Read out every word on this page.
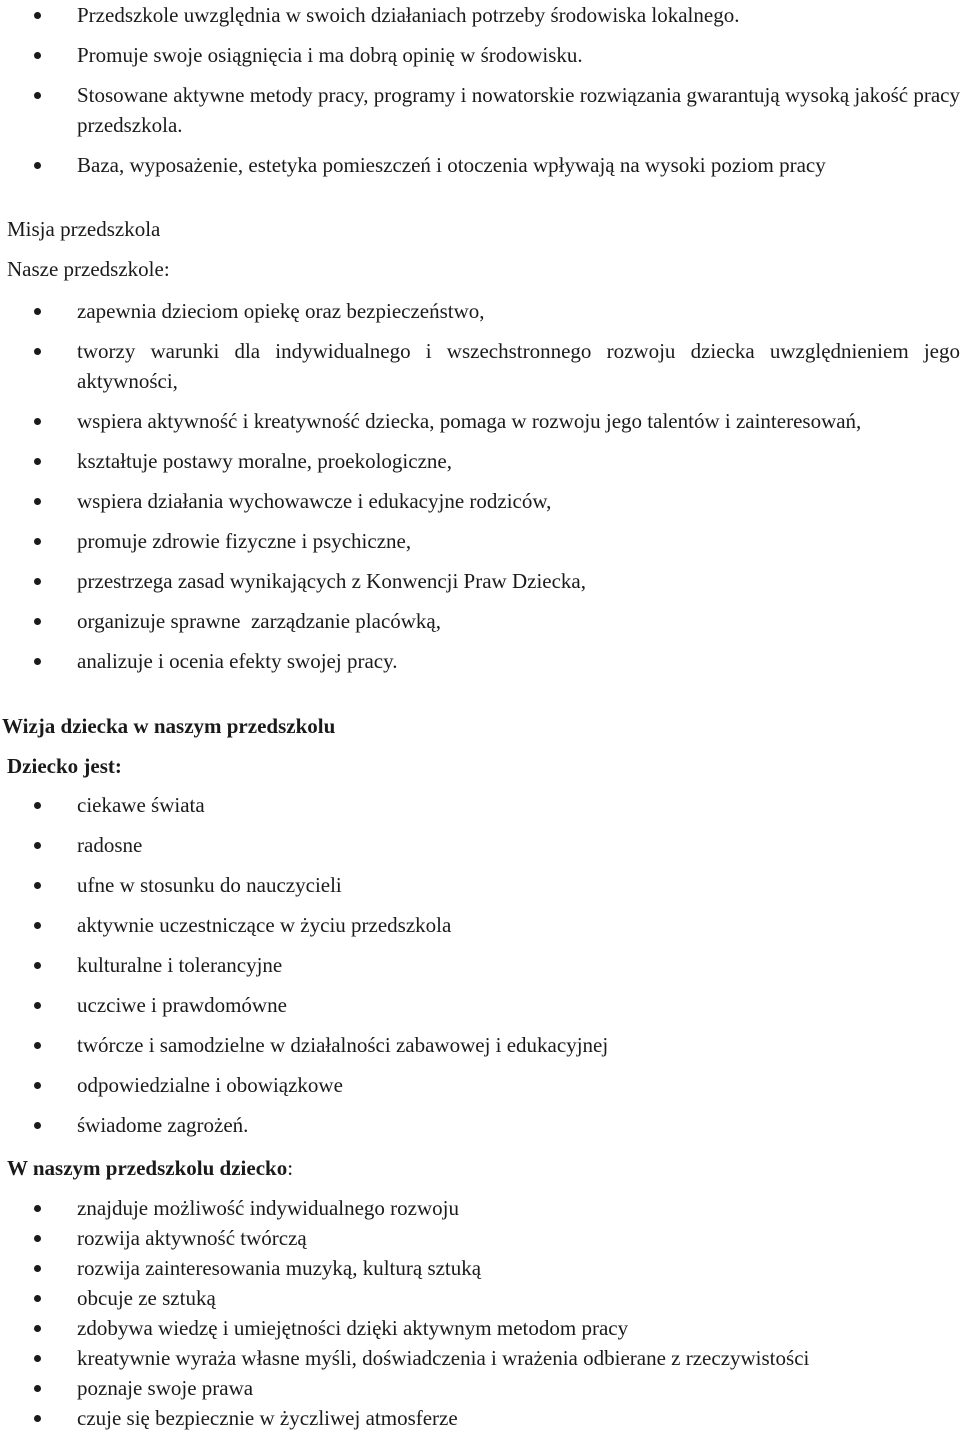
Przedszkole uwzględnia w swoich działaniach potrzeby środowiska lokalnego.
Promuje swoje osiągnięcia i ma dobrą opinię w środowisku.
Stosowane aktywne metody pracy, programy i nowatorskie rozwiązania gwarantują wysoką jakość pracy przedszkola.
Baza, wyposażenie, estetyka pomieszczeń i otoczenia wpływają na wysoki poziom pracy
Misja przedszkola
Nasze przedszkole:
zapewnia dzieciom opiekę oraz bezpieczeństwo,
tworzy warunki dla indywidualnego i wszechstronnego rozwoju dziecka uwzględnieniem jego aktywności,
wspiera aktywność i kreatywność dziecka, pomaga w rozwoju jego talentów i zainteresowań,
kształtuje postawy moralne, proekologiczne,
wspiera działania wychowawcze i edukacyjne rodziców,
promuje zdrowie fizyczne i psychiczne,
przestrzega zasad wynikających z Konwencji Praw Dziecka,
organizuje sprawne  zarządzanie placówką,
analizuje i ocenia efekty swojej pracy.
Wizja dziecka w naszym przedszkolu
Dziecko jest:
ciekawe świata
radosne
ufne w stosunku do nauczycieli
aktywnie uczestniczące w życiu przedszkola
kulturalne i tolerancyjne
uczciwe i prawdomówne
twórcze i samodzielne w działalności zabawowej i edukacyjnej
odpowiedzialne i obowiązkowe
świadome zagrożeń.
W naszym przedszkolu dziecko:
znajduje możliwość indywidualnego rozwoju
rozwija aktywność twórczą
rozwija zainteresowania muzyką, kulturą sztuką
obcuje ze sztuką
zdobywa wiedzę i umiejętności dzięki aktywnym metodom pracy
kreatywnie wyraża własne myśli, doświadczenia i wrażenia odbierane z rzeczywistości
poznaje swoje prawa
czuje się bezpiecznie w życzliwej atmosferze
